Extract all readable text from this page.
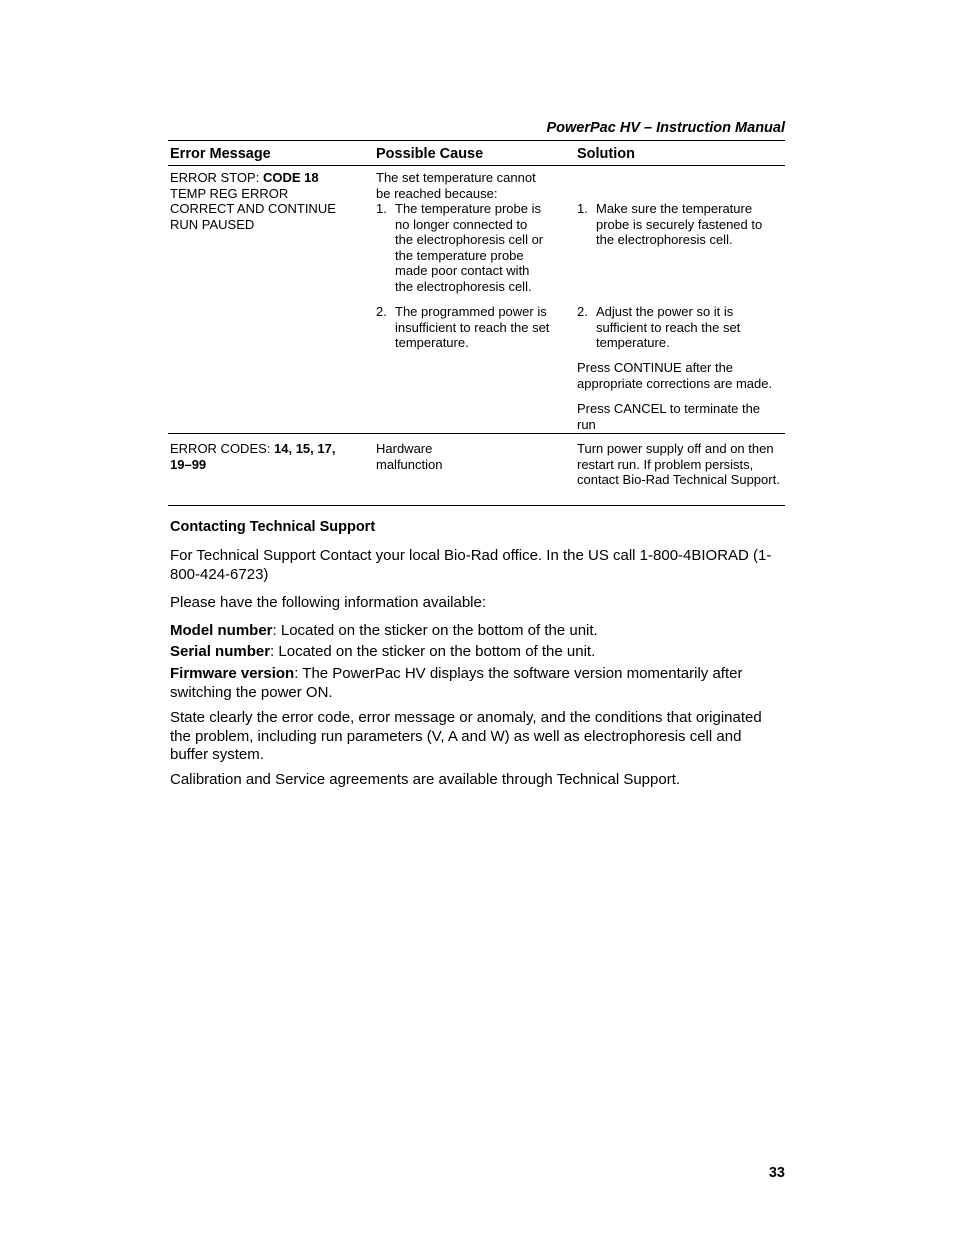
PowerPac HV – Instruction Manual
Error Message	Possible Cause	Solution
ERROR STOP: CODE 18
TEMP REG ERROR
CORRECT AND CONTINUE
RUN PAUSED
The set temperature cannot be reached because:
1. The temperature probe is no longer connected to the electrophoresis cell or the temperature probe made poor contact with the electrophoresis cell.
2. The programmed power is insufficient to reach the set temperature.
1. Make sure the temperature probe is securely fastened to the electrophoresis cell.
2. Adjust the power so it is sufficient to reach the set temperature.
Press CONTINUE after the appropriate corrections are made.
Press CANCEL to terminate the run
ERROR CODES: 14, 15, 17, 19–99
Hardware malfunction
Turn power supply off and on then restart run. If problem persists, contact Bio-Rad Technical Support.
Contacting Technical Support
For Technical Support Contact your local Bio-Rad office. In the US call 1-800-4BIORAD (1-800-424-6723)
Please have the following information available:
Model number: Located on the sticker on the bottom of the unit.
Serial number: Located on the sticker on the bottom of the unit.
Firmware version: The PowerPac HV displays the software version momentarily after switching the power ON.
State clearly the error code, error message or anomaly, and the conditions that originated the problem, including run parameters (V, A and W) as well as electrophoresis cell and buffer system.
Calibration and Service agreements are available through Technical Support.
33
